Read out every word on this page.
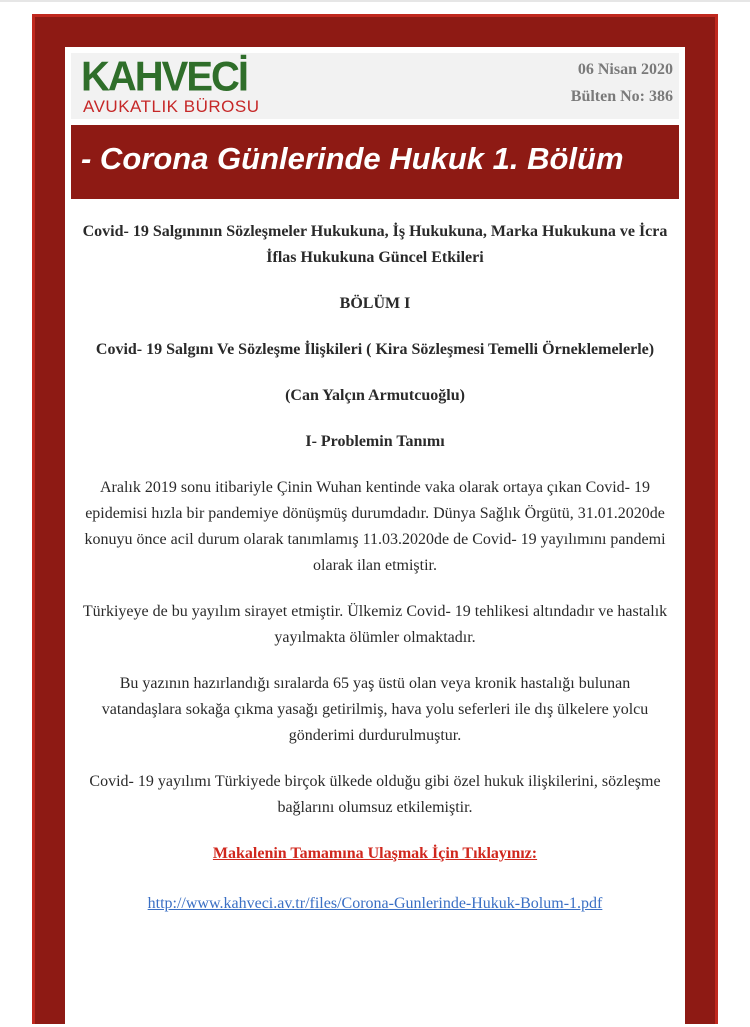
KAHVECİ
AVUKATLIK BÜROSU
06 Nisan 2020
Bülten No: 386
- Corona Günlerinde Hukuk 1. Bölüm

Covid- 19 Salgınının Sözleşmeler Hukukuna, İş Hukukuna, Marka Hukukuna ve İcra İflas Hukukuna Güncel Etkileri

BÖLÜM I

Covid- 19 Salgını Ve Sözleşme İlişkileri ( Kira Sözleşmesi Temelli Örneklemelerle)

(Can Yalçın Armutcuoğlu)

I- Problemin Tanımı

Aralık 2019 sonu itibariyle Çinin Wuhan kentinde vaka olarak ortaya çıkan Covid- 19 epidemisi hızla bir pandemiye dönüşmüş durumdadır. Dünya Sağlık Örgütü, 31.01.2020de konuyu önce acil durum olarak tanımlamış 11.03.2020de de Covid- 19 yayılımını pandemi olarak ilan etmiştir.

Türkiyeye de bu yayılım sirayet etmiştir. Ülkemiz Covid- 19 tehlikesi altındadır ve hastalık yayılmakta ölümler olmaktadır.

Bu yazının hazırlandığı sıralarda 65 yaş üstü olan veya kronik hastalığı bulunan vatandaşlara sokağa çıkma yasağı getirilmiş, hava yolu seferleri ile dış ülkelere yolcu gönderimi durdurulmuştur.

Covid- 19 yayılımı Türkiyede birçok ülkede olduğu gibi özel hukuk ilişkilerini, sözleşme bağlarını olumsuz etkilemiştir.

Makalenin Tamamına Ulaşmak İçin Tıklayınız:

http://www.kahveci.av.tr/files/Corona-Gunlerinde-Hukuk-Bolum-1.pdf
